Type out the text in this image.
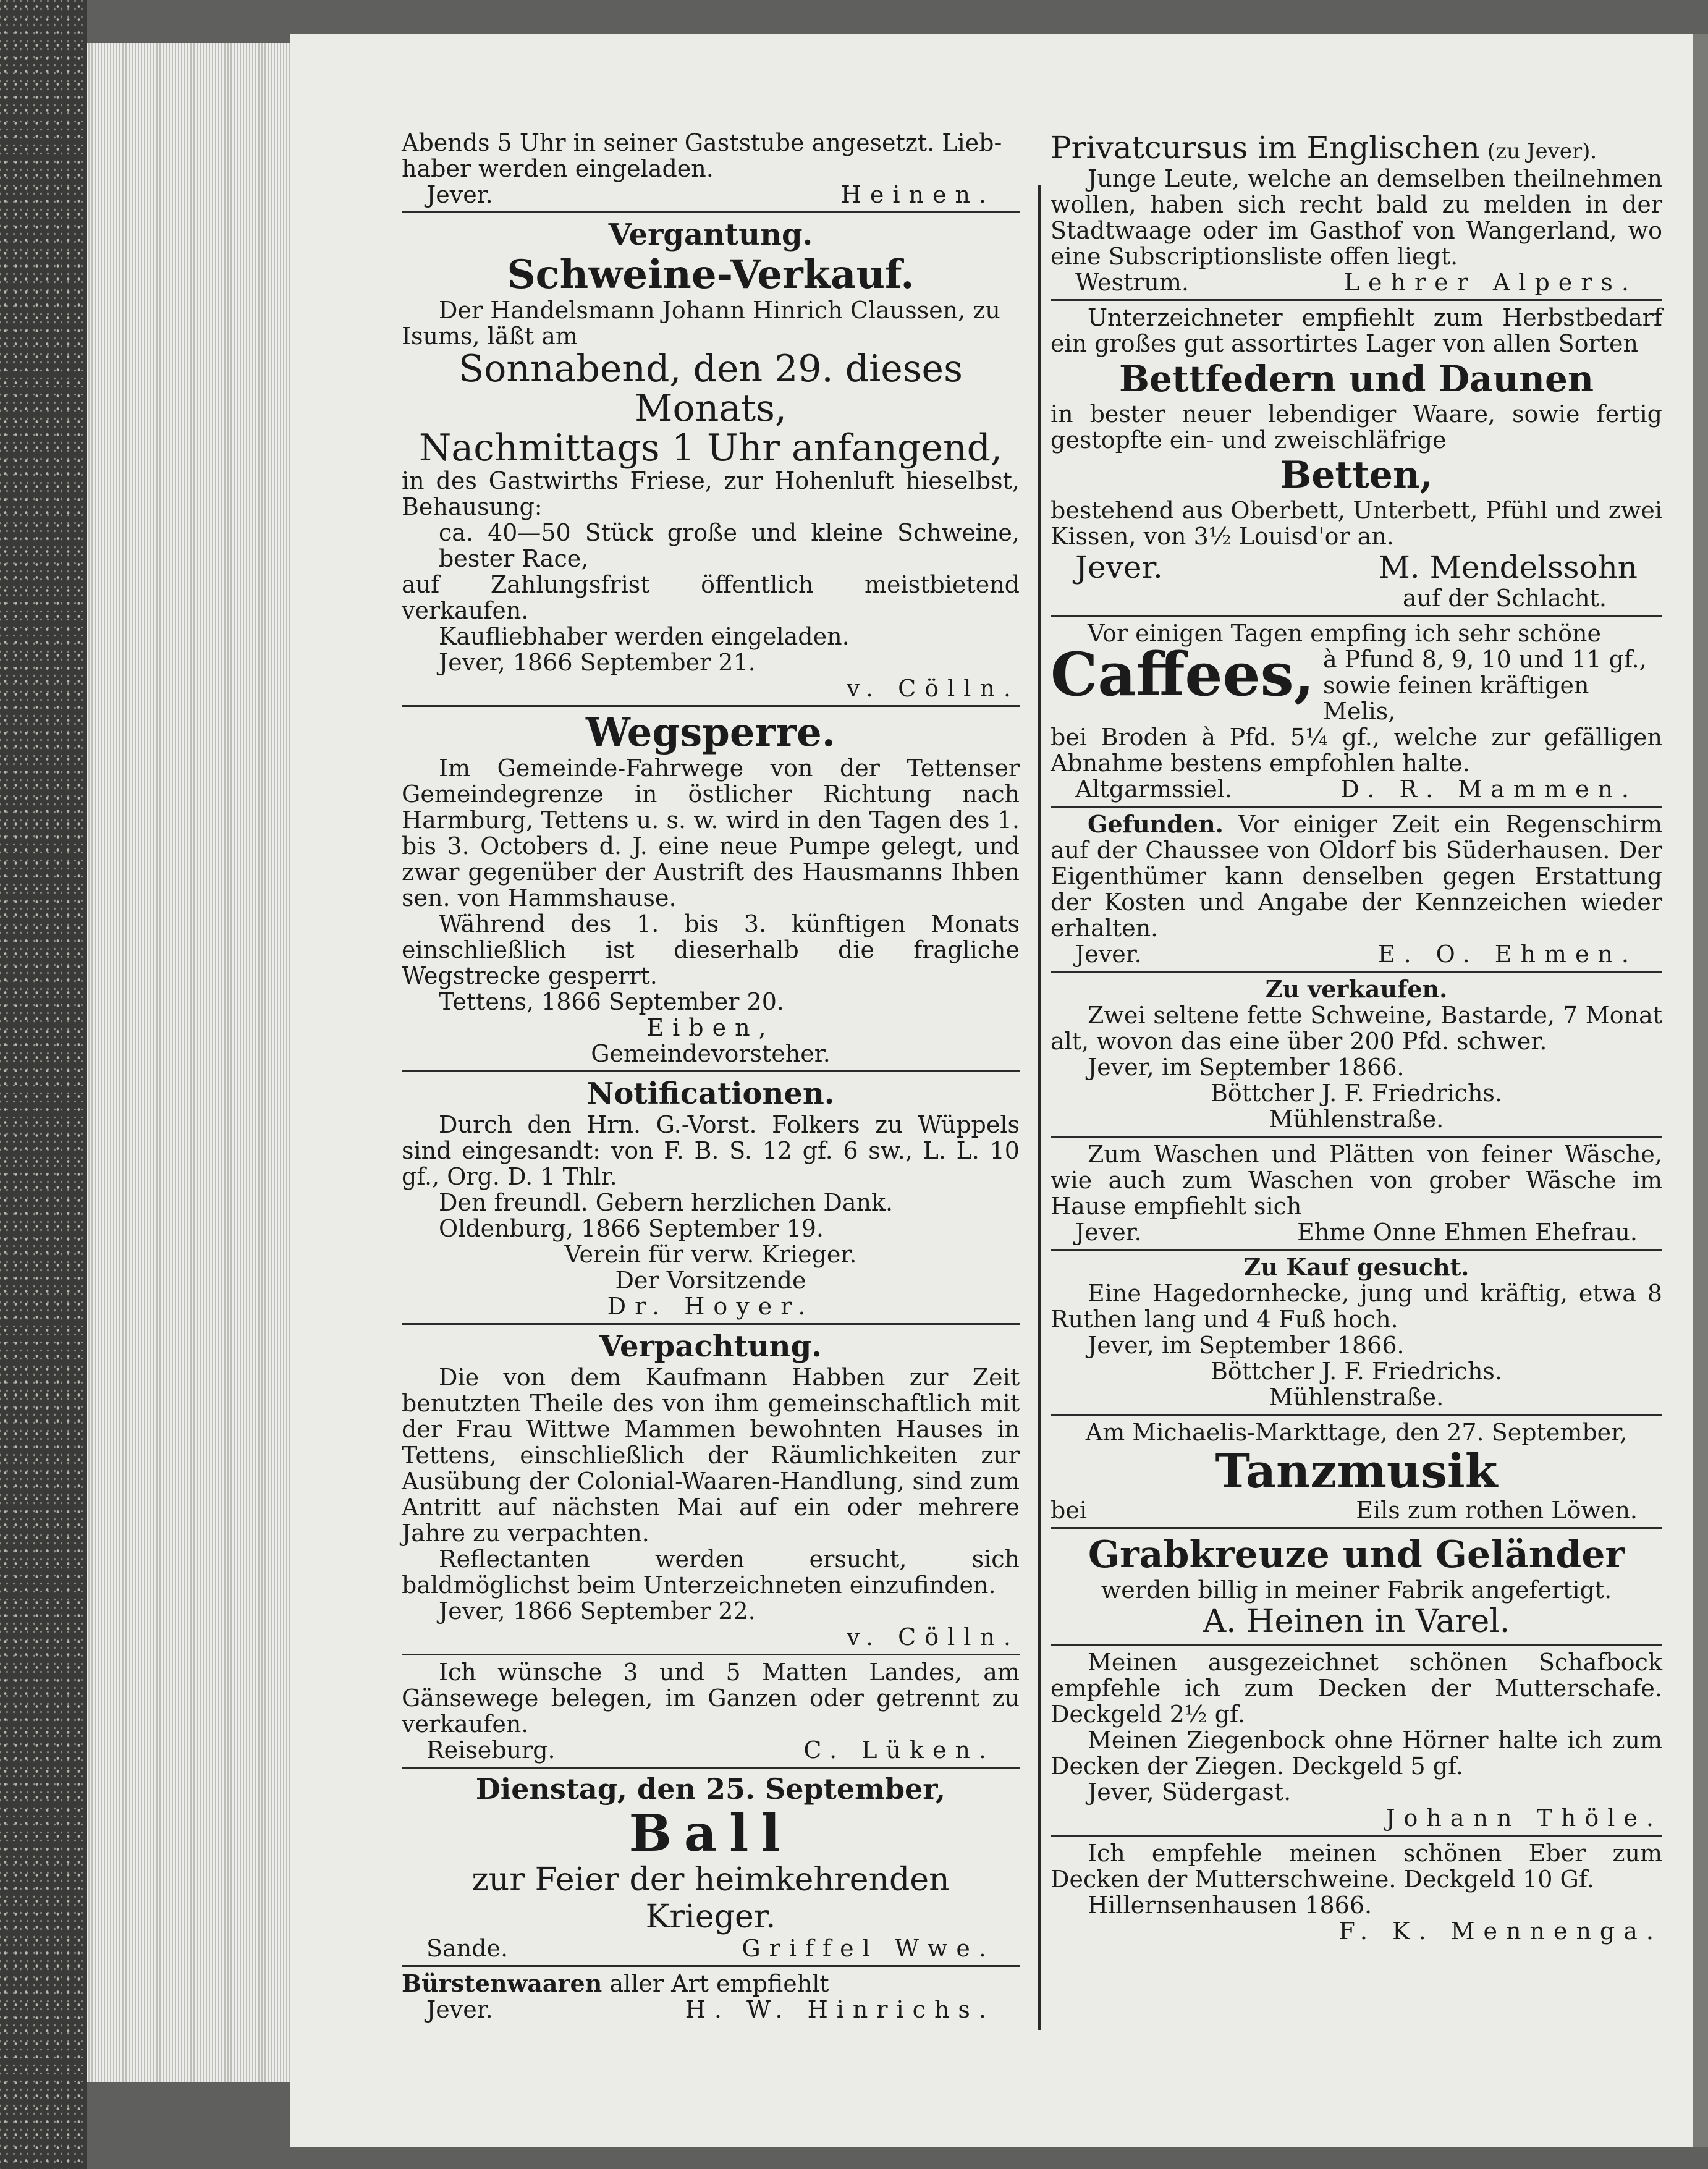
Abends 5 Uhr in seiner Gaststube angesetzt. Lieb-
haber werden eingeladen.
Jever.	Heinen.
Vergantung.
Schweine-Verkauf.
Der Handelsmann Johann Hinrich Claussen, zu
Isums, läßt am
Sonnabend, den 29. dieses Monats,
Nachmittags 1 Uhr anfangend,
in des Gastwirths Friese, zur Hohenluft hieselbst, Behausung:
ca. 40—50 Stück große und kleine Schweine, bester Race,
auf Zahlungsfrist öffentlich meistbietend verkaufen.
Kaufliebhaber werden eingeladen.
Jever, 1866 September 21.
v. Cölln.
Wegsperre.
Im Gemeinde-Fahrwege von der Tettenser Gemeindegrenze in östlicher Richtung nach Harmburg, Tettens u. s. w. wird in den Tagen des 1. bis 3. Octobers d. J. eine neue Pumpe gelegt, und zwar gegenüber der Austrift des Hausmanns Ihben sen. von Hammshause.
Während des 1. bis 3. künftigen Monats einschließlich ist dieserhalb die fragliche Wegstrecke gesperrt.
Tettens, 1866 September 20.
Eiben,
Gemeindevorsteher.
Notificationen.
Durch den Hrn. G.-Vorst. Folkers zu Wüppels sind eingesandt: von F. B. S. 12 gf. 6 sw., L. L. 10 gf., Org. D. 1 Thlr.
Den freundl. Gebern herzlichen Dank.
Oldenburg, 1866 September 19.
Verein für verw. Krieger.
Der Vorsitzende
Dr. Hoyer.
Verpachtung.
Die von dem Kaufmann Habben zur Zeit benutzten Theile des von ihm gemeinschaftlich mit der Frau Wittwe Mammen bewohnten Hauses in Tettens, einschließlich der Räumlichkeiten zur Ausübung der Colonial-Waaren-Handlung, sind zum Antritt auf nächsten Mai auf ein oder mehrere Jahre zu verpachten.
Reflectanten werden ersucht, sich baldmöglichst beim Unterzeichneten einzufinden.
Jever, 1866 September 22.
v. Cölln.
Ich wünsche 3 und 5 Matten Landes, am Gänsewege belegen, im Ganzen oder getrennt zu verkaufen.
Reiseburg.	C. Lüken.
Dienstag, den 25. September,
Ball
zur Feier der heimkehrenden Krieger.
Sande.	Griffel Wwe.
Bürstenwaaren aller Art empfiehlt
Jever.	H. W. Hinrichs.
Privatcursus im Englischen (zu Jever).
Junge Leute, welche an demselben theilnehmen wollen, haben sich recht bald zu melden in der Stadtwaage oder im Gasthof von Wangerland, wo eine Subscriptionsliste offen liegt.
Westrum.	Lehrer Alpers.
Unterzeichneter empfiehlt zum Herbstbedarf ein großes gut assortirtes Lager von allen Sorten
Bettfedern und Daunen
in bester neuer lebendiger Waare, sowie fertig gestopfte ein- und zweischläfrige
Betten,
bestehend aus Oberbett, Unterbett, Pfühl und zwei Kissen, von 3½ Louisd'or an.
Jever.	M. Mendelssohn
auf der Schlacht.
Vor einigen Tagen empfing ich sehr schöne
Caffees, à Pfund 8, 9, 10 und 11 gf.,
sowie feinen kräftigen Melis,
bei Broden à Pfd. 5¼ gf., welche zur gefälligen Abnahme bestens empfohlen halte.
Altgarmssiel.	D. R. Mammen.
Gefunden. Vor einiger Zeit ein Regenschirm auf der Chaussee von Oldorf bis Süderhausen. Der Eigenthümer kann denselben gegen Erstattung der Kosten und Angabe der Kennzeichen wieder erhalten.
Jever.	E. O. Ehmen.
Zu verkaufen.
Zwei seltene fette Schweine, Bastarde, 7 Monat alt, wovon das eine über 200 Pfd. schwer.
Jever, im September 1866.
Böttcher J. F. Friedrichs.
Mühlenstraße.
Zum Waschen und Plätten von feiner Wäsche, wie auch zum Waschen von grober Wäsche im Hause empfiehlt sich
Jever.	Ehme Onne Ehmen Ehefrau.
Zu Kauf gesucht.
Eine Hagedornhecke, jung und kräftig, etwa 8 Ruthen lang und 4 Fuß hoch.
Jever, im September 1866.
Böttcher J. F. Friedrichs.
Mühlenstraße.
Am Michaelis-Markttage, den 27. September,
Tanzmusik
bei	Eils zum rothen Löwen.
Grabkreuze und Geländer
werden billig in meiner Fabrik angefertigt.
A. Heinen in Varel.
Meinen ausgezeichnet schönen Schafbock empfehle ich zum Decken der Mutterschafe. Deckgeld 2½ gf.
Meinen Ziegenbock ohne Hörner halte ich zum Decken der Ziegen. Deckgeld 5 gf.
Jever, Südergast.
Johann Thöle.
Ich empfehle meinen schönen Eber zum Decken der Mutterschweine. Deckgeld 10 Gf.
Hillernsenhausen 1866.
F. K. Mennenga.
